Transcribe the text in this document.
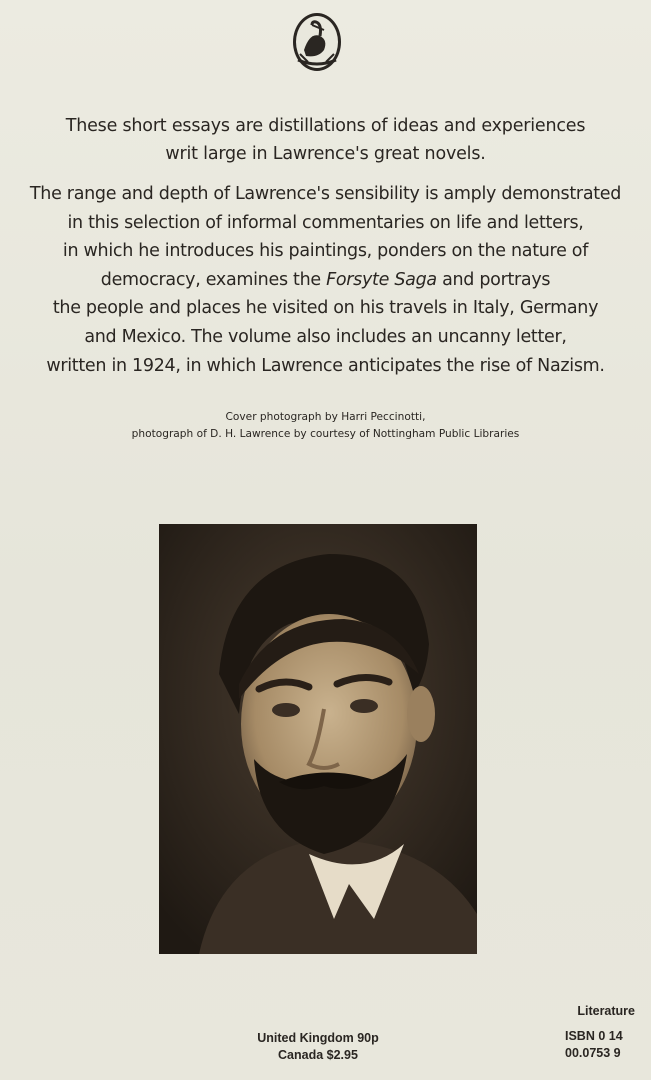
These short essays are distillations of ideas and experiences
writ large in Lawrence's great novels.
The range and depth of Lawrence's sensibility is amply demonstrated
in this selection of informal commentaries on life and letters,
in which he introduces his paintings, ponders on the nature of
democracy, examines the Forsyte Saga and portrays
the people and places he visited on his travels in Italy, Germany
and Mexico. The volume also includes an uncanny letter,
written in 1924, in which Lawrence anticipates the rise of Nazism.
Cover photograph by Harri Peccinotti,
photograph of D. H. Lawrence by courtesy of Nottingham Public Libraries
United Kingdom 90p
Canada $2.95
Literature
ISBN 0 14
00.0753 9
